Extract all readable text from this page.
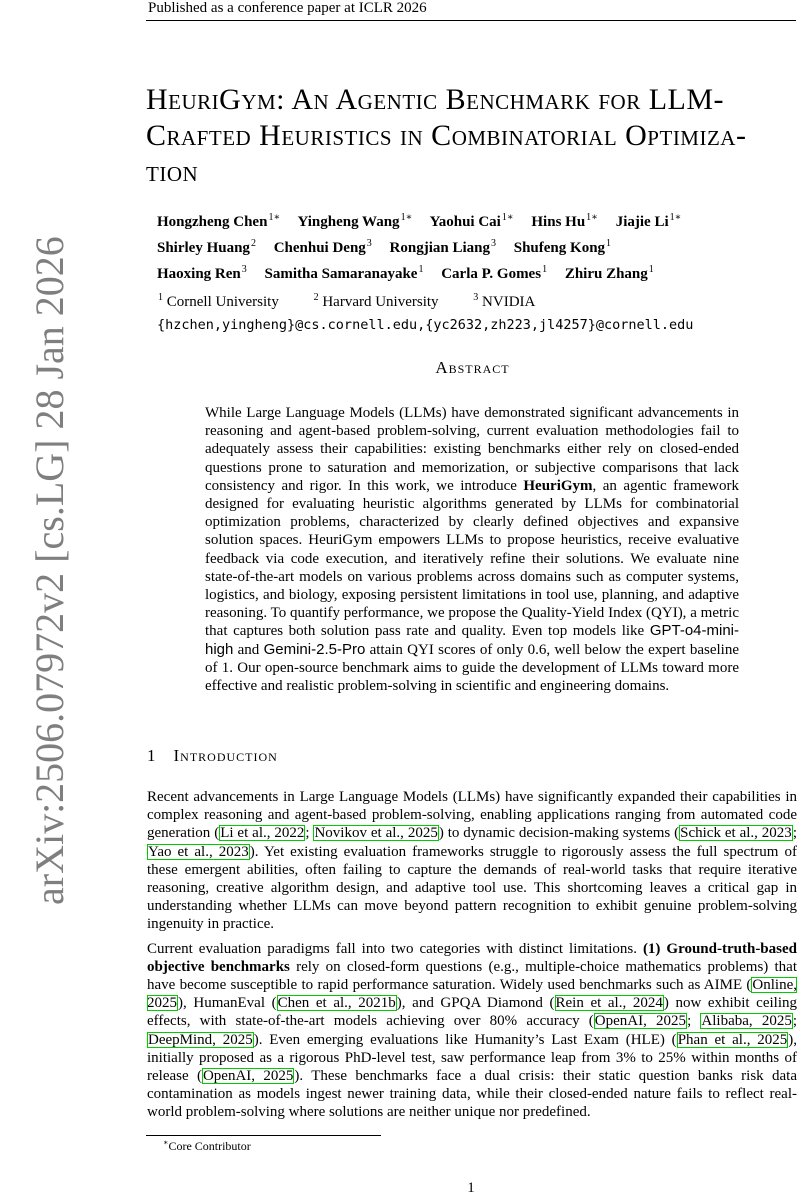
Published as a conference paper at ICLR 2026
arXiv:2506.07972v2 [cs.LG] 28 Jan 2026
HeuriGym: An Agentic Benchmark for LLM-
Crafted Heuristics in Combinatorial Optimiza-
tion
Hongzheng Chen$^{1∗}$ Yingheng Wang$^{1∗}$ Yaohui Cai$^{1∗}$ Hins $Hu^{1∗}$ Jiajie $Li^{1∗}$
Shirley Huang$^2$ Chenhui Deng$^3$ Rongjian Liang$^3$ Shufeng Kong$^1$
Haoxing Ren$^3$ Samitha Samaranayake$^1$ Carla P. Gomes$^1$ Zhiru Zhang$^1$
$^1$ Cornell University	$^2$ Harvard University	$^3$ NVIDIA
{hzchen,yingheng}@cs.cornell.edu,{yc2632,zh223,jl4257}@cornell.edu
Abstract

While Large Language Models (LLMs) have demonstrated significant advancements in reasoning and agent-based problem-solving, current evaluation methodologies fail to adequately assess their capabilities: existing benchmarks either rely on closed-ended questions prone to saturation and memorization, or subjective comparisons that lack consistency and rigor. In this work, we introduce HeuriGym, an agentic framework designed for evaluating heuristic algorithms generated by LLMs for combinatorial optimization problems, characterized by clearly defined objectives and expansive solution spaces. HeuriGym empowers LLMs to propose heuristics, receive evaluative feedback via code execution, and iteratively refine their solutions. We evaluate nine state-of-the-art models on various problems across domains such as computer systems, logistics, and biology, exposing persistent limitations in tool use, planning, and adaptive reasoning. To quantify performance, we propose the Quality-Yield Index (QYI), a metric that captures both solution pass rate and quality. Even top models like GPT-o4-mini-high and Gemini-2.5-Pro attain QYI scores of only 0.6, well below the expert baseline of 1. Our open-source benchmark aims to guide the development of LLMs toward more effective and realistic problem-solving in scientific and engineering domains.

1 Introduction

Recent advancements in Large Language Models (LLMs) have significantly expanded their capabilities in complex reasoning and agent-based problem-solving, enabling applications ranging from automated code generation (Li et al., 2022; Novikov et al., 2025) to dynamic decision-making systems (Schick et al., 2023; Yao et al., 2023). Yet existing evaluation frameworks struggle to rigorously assess the full spectrum of these emergent abilities, often failing to capture the demands of real-world tasks that require iterative reasoning, creative algorithm design, and adaptive tool use. This shortcoming leaves a critical gap in understanding whether LLMs can move beyond pattern recognition to exhibit genuine problem-solving ingenuity in practice.

Current evaluation paradigms fall into two categories with distinct limitations. (1) Ground-truth-based objective benchmarks rely on closed-form questions (e.g., multiple-choice mathematics problems) that have become susceptible to rapid performance saturation. Widely used benchmarks such as AIME (Online, 2025), HumanEval (Chen et al., 2021b), and GPQA Diamond (Rein et al., 2024) now exhibit ceiling effects, with state-of-the-art models achieving over 80% accuracy (OpenAI, 2025; Alibaba, 2025; DeepMind, 2025). Even emerging evaluations like Humanity’s Last Exam (HLE) (Phan et al., 2025), initially proposed as a rigorous PhD-level test, saw performance leap from 3% to 25% within months of release (OpenAI, 2025). These benchmarks face a dual crisis: their static question banks risk data contamination as models ingest newer training data, while their closed-ended nature fails to reflect real-world problem-solving where solutions are neither unique nor predefined.

∗Core Contributor
1
